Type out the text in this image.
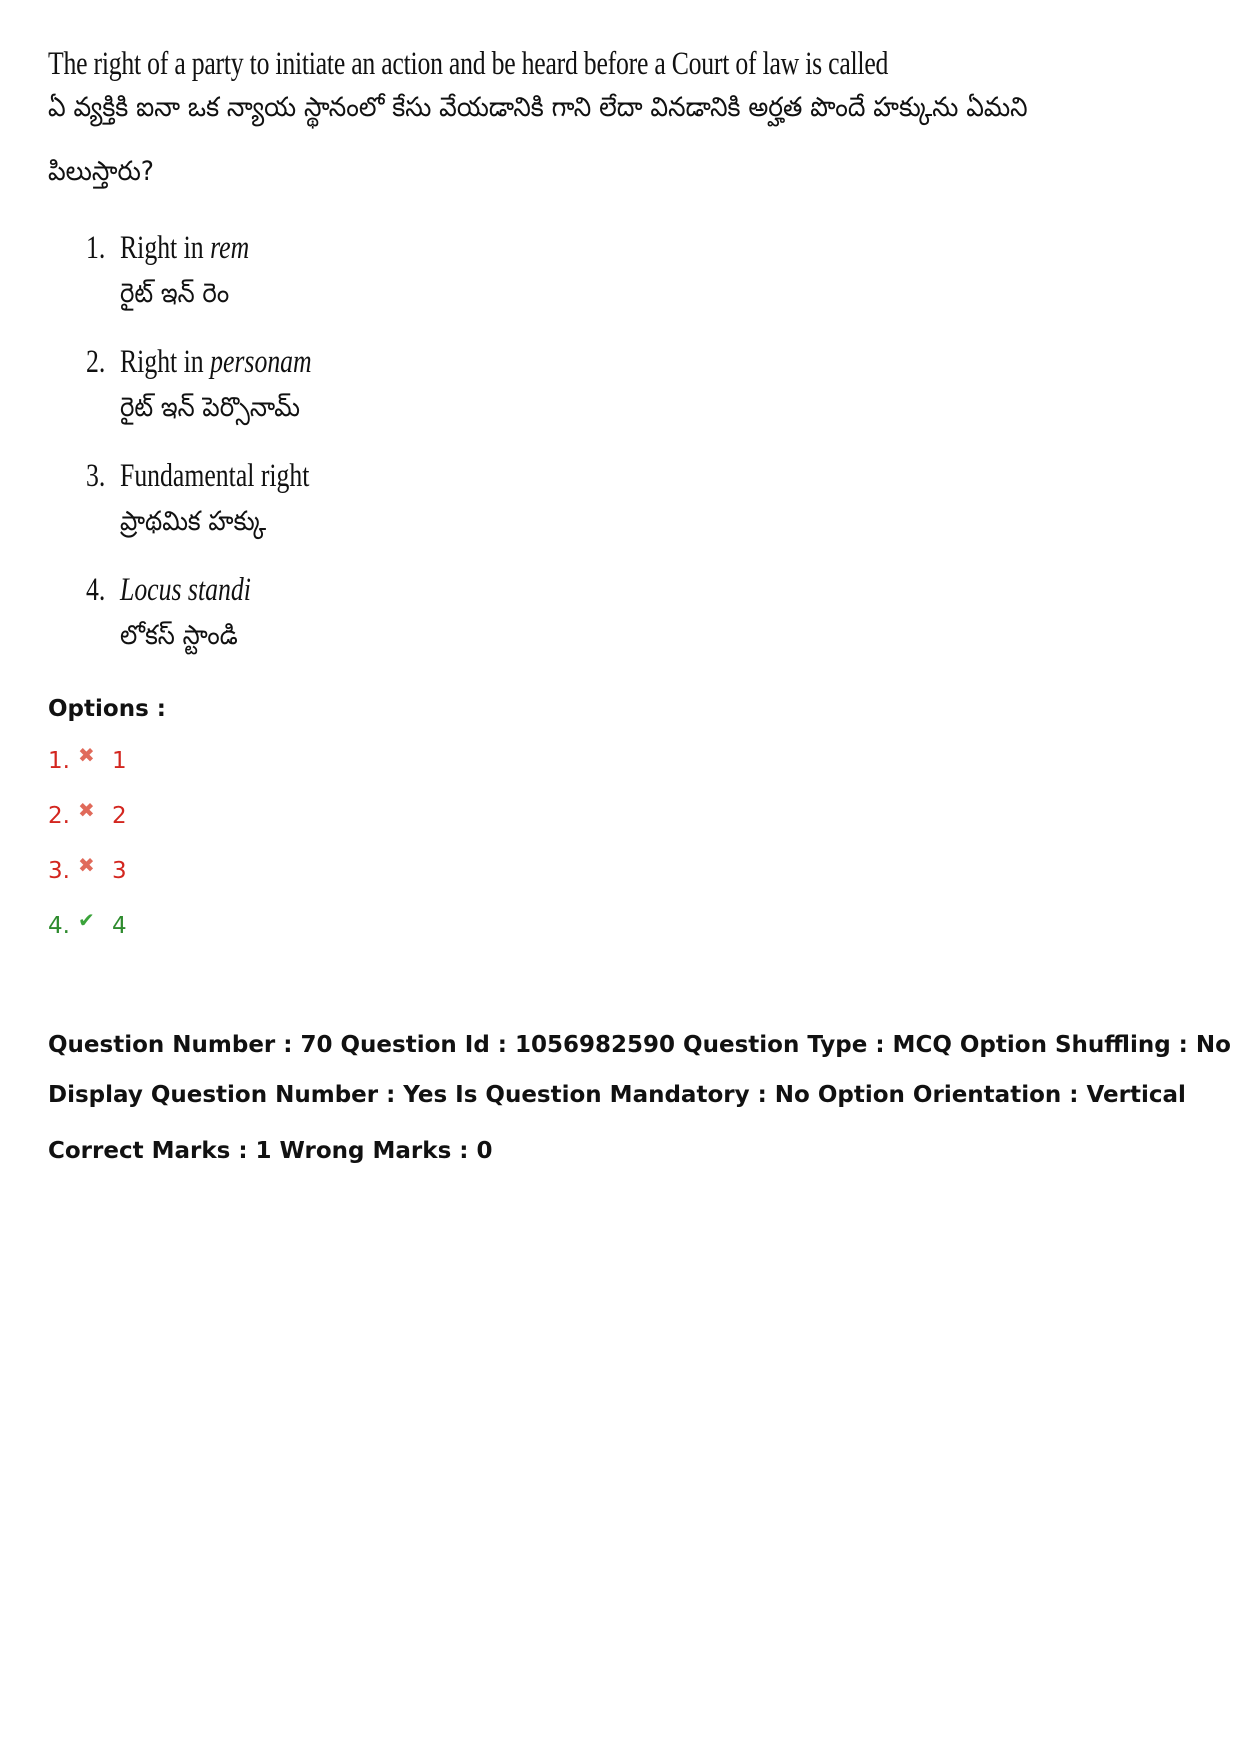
The right of a party to initiate an action and be heard before a Court of law is called
ఏ వ్యక్తికి ఐనా ఒక న్యాయ స్థానంలో కేసు వేయడానికి గాని లేదా వినడానికి అర్హత పొందే హక్కును ఏమని
పిలుస్తారు?
1. Right in rem
రైట్ ఇన్ రెం
2. Right in personam
రైట్ ఇన్ పెర్సొనామ్
3. Fundamental right
ప్రాథమిక హక్కు
4. Locus standi
లోకస్ స్టాండి
Options :
1. ✖ 1
2. ✖ 2
3. ✖ 3
4. ✔ 4
Question Number : 70 Question Id : 1056982590 Question Type : MCQ Option Shuffling : No
Display Question Number : Yes Is Question Mandatory : No Option Orientation : Vertical
Correct Marks : 1 Wrong Marks : 0
